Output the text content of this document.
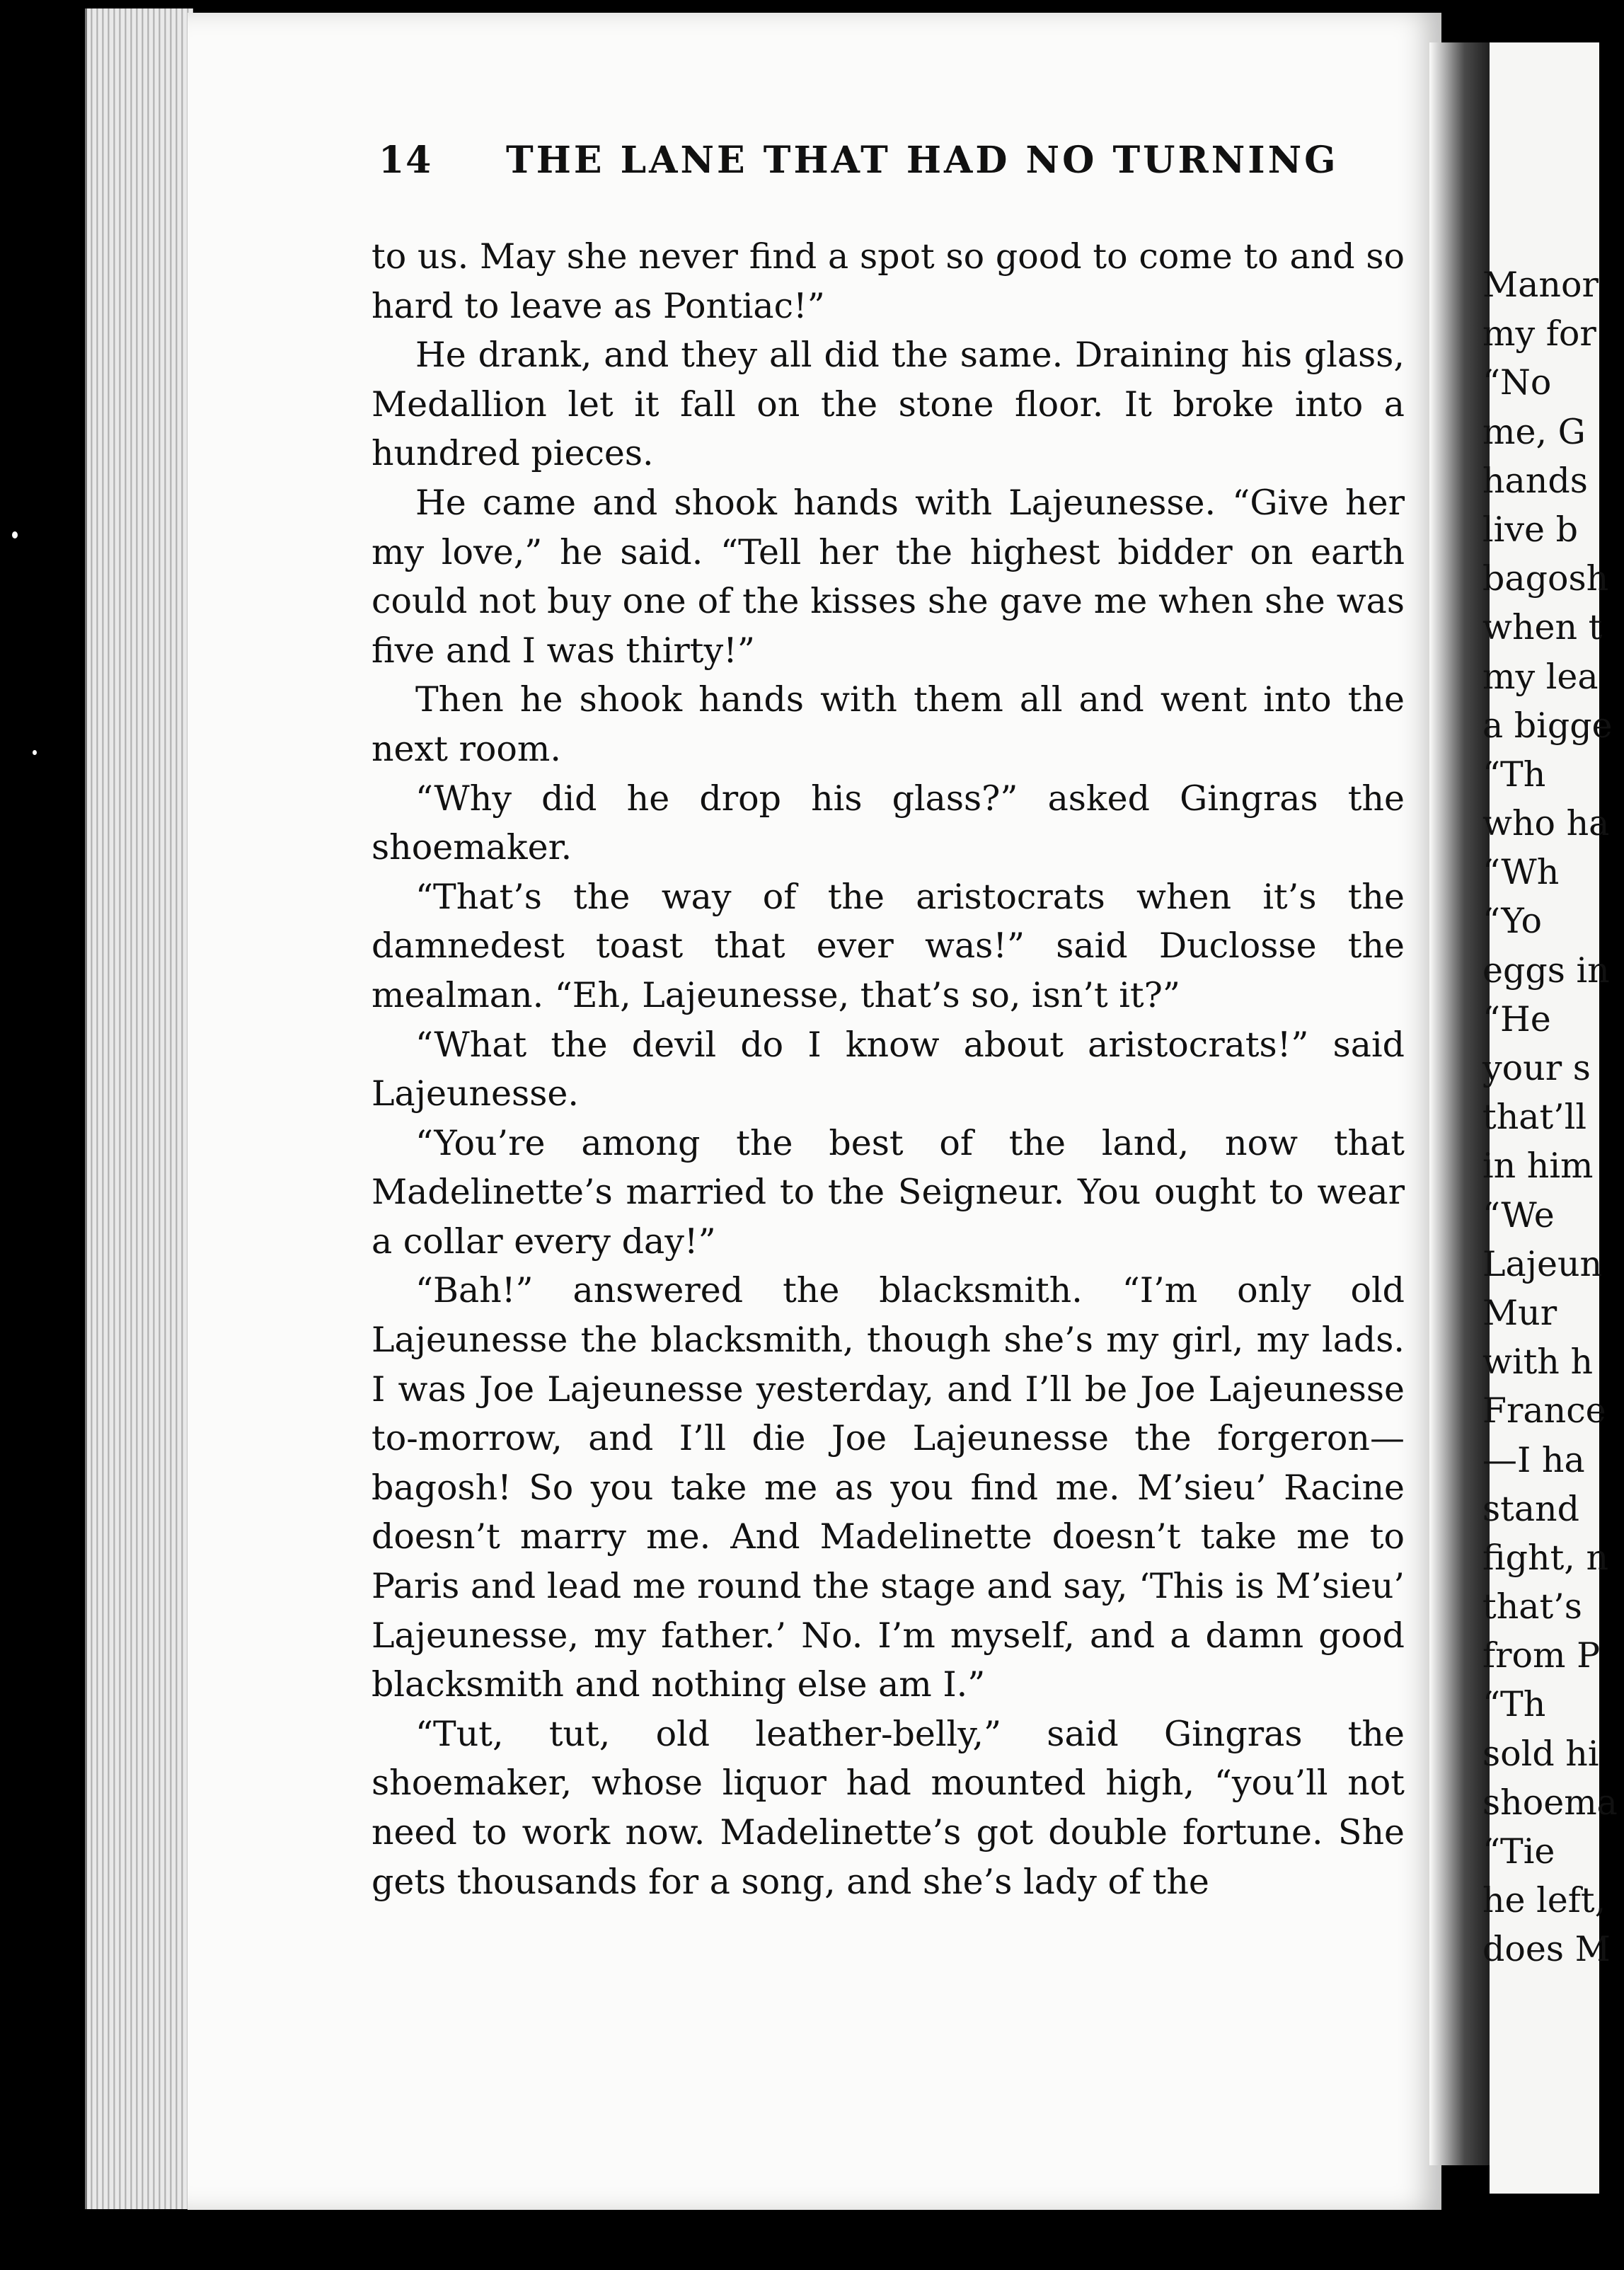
14 THE LANE THAT HAD NO TURNING

to us. May she never find a spot so good to come to and so hard to leave as Pontiac!”

He drank, and they all did the same. Draining his glass, Medallion let it fall on the stone floor. It broke into a hundred pieces.

He came and shook hands with Lajeunesse. “Give her my love,” he said. “Tell her the highest bidder on earth could not buy one of the kisses she gave me when she was five and I was thirty!”

Then he shook hands with them all and went into the next room.

“Why did he drop his glass?” asked Gingras the shoemaker.

“That’s the way of the aristocrats when it’s the damnedest toast that ever was!” said Duclosse the mealman. “Eh, Lajeunesse, that’s so, isn’t it?”

“What the devil do I know about aristocrats!” said Lajeunesse.

“You’re among the best of the land, now that Madelinette’s married to the Seigneur. You ought to wear a collar every day!”

“Bah!” answered the blacksmith. “I’m only old Lajeunesse the blacksmith, though she’s my girl, my lads. I was Joe Lajeunesse yesterday, and I’ll be Joe Lajeunesse to-morrow, and I’ll die Joe Lajeunesse the forgeron—bagosh! So you take me as you find me. M’sieu’ Racine doesn’t marry me. And Madelinette doesn’t take me to Paris and lead me round the stage and say, ‘This is M’sieu’ Lajeunesse, my father.’ No. I’m myself, and a damn good blacksmith and nothing else am I.”

“Tut, tut, old leather-belly,” said Gingras the shoemaker, whose liquor had mounted high, “you’ll not need to work now. Madelinette’s got double fortune. She gets thousands for a song, and she’s lady of the

Manor
my for
“No
me, G
hands
live b
bagosh
when t
my lea
a bigge
“Th
who ha
“Wh
“Yo
eggs in
“He
your s
that’ll
in him
“We
Lajeun
Mur
with h
France
—I ha
stand
fight, n
that’s
from P
“Th
sold hi
shoema
“Tie
he left,
does M
